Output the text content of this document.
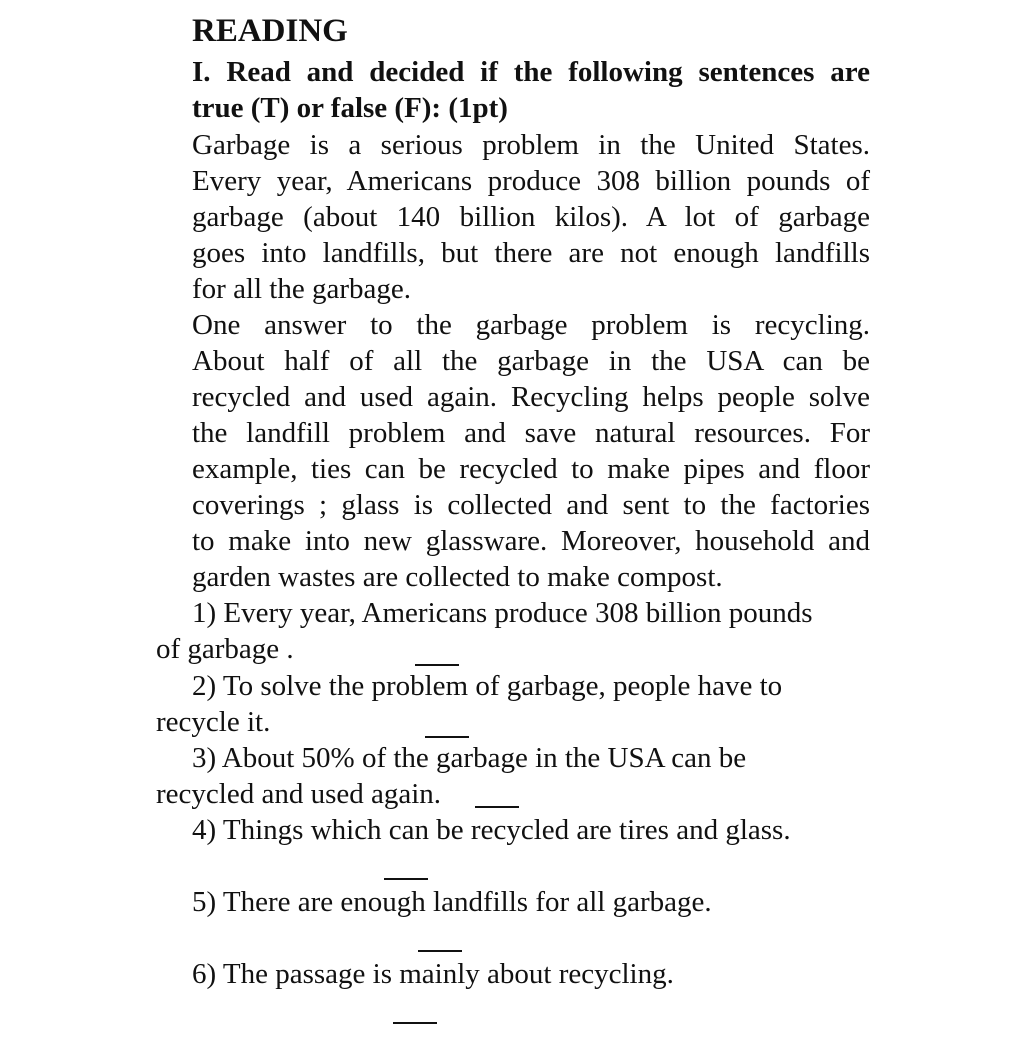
READING
I. Read and decided if the following sentences are
true (T) or false (F): (1pt)
Garbage is a serious problem in the United States.
Every year, Americans produce 308 billion pounds of
garbage (about 140 billion kilos). A lot of garbage
goes into landfills, but there are not enough landfills
for all the garbage.
One answer to the garbage problem is recycling.
About half of all the garbage in the USA can be
recycled and used again. Recycling helps people solve
the landfill problem and save natural resources. For
example, ties can be recycled to make pipes and floor
coverings ; glass is collected and sent to the factories
to make into new glassware. Moreover, household and
garden wastes are collected to make compost.
1) Every year, Americans produce 308 billion pounds
of garbage .
2) To solve the problem of garbage, people have to
recycle it.
3) About 50% of the garbage in the USA can be
recycled and used again.
4) Things which can be recycled are tires and glass.
5) There are enough landfills for all garbage.
6) The passage is mainly about recycling.
